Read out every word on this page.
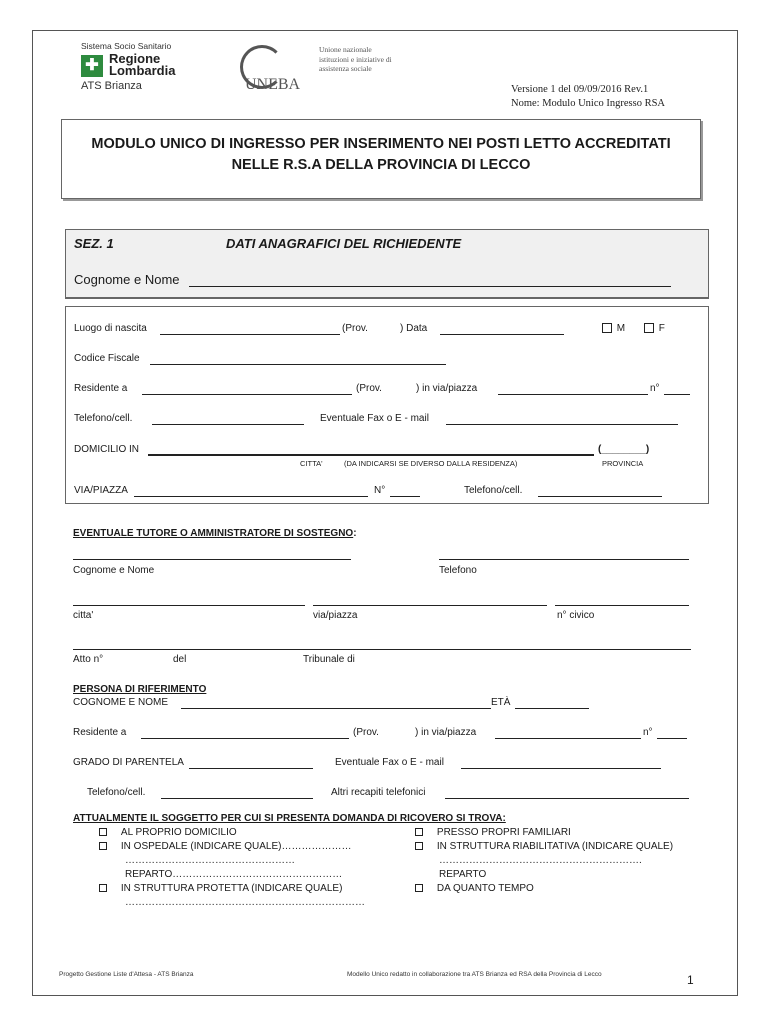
Sistema Socio Sanitario
✚ Regione
Lombardia
ATS Brianza	UNEBA
Unione nazionale istituzioni e iniziative di assistenza sociale
Versione 1 del 09/09/2016 Rev.1
Nome: Modulo Unico Ingresso RSA
MODULO UNICO DI INGRESSO PER INSERIMENTO NEI POSTI LETTO ACCREDITATI
NELLE R.S.A DELLA PROVINCIA DI LECCO
SEZ. 1	DATI ANAGRAFICI DEL RICHIEDENTE
Cognome e Nome
Luogo di nascita	(Prov.	) Data	M	F
Codice Fiscale
Residente a	(Prov.	) in via/piazza	n°
Telefono/cell.	Eventuale Fax o E - mail
DOMICILIO IN	(________)
CITTA'	(DA INDICARSI SE DIVERSO DALLA RESIDENZA)	PROVINCIA
VIA/PIAZZA	N°	Telefono/cell.
EVENTUALE TUTORE O AMMINISTRATORE DI SOSTEGNO:
Cognome e Nome	Telefono
citta'	via/piazza	n° civico
Atto n°	del	Tribunale di
PERSONA DI RIFERIMENTO
COGNOME E NOME	ETÀ
Residente a	(Prov.	) in via/piazza	n°
GRADO DI PARENTELA	Eventuale Fax o E - mail
Telefono/cell.	Altri recapiti telefonici
ATTUALMENTE IL SOGGETTO PER CUI SI PRESENTA DOMANDA DI RICOVERO SI TROVA:
AL PROPRIO DOMICILIO
IN OSPEDALE (INDICARE QUALE)…………………
……………………………………………
REPARTO……………………………………………
IN STRUTTURA PROTETTA (INDICARE QUALE)
………………………………………………………………
PRESSO PROPRI FAMILIARI
IN STRUTTURA RIABILITATIVA (INDICARE QUALE)
…………………………………………………….
REPARTO
DA QUANTO TEMPO
Progetto Gestione Liste d'Attesa - ATS Brianza	Modello Unico redatto in collaborazione tra ATS Brianza ed RSA della Provincia di Lecco	1
